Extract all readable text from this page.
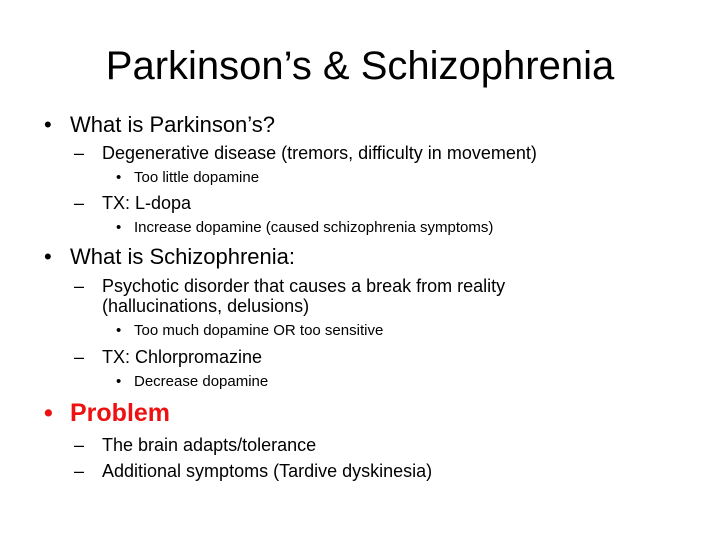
Parkinson’s & Schizophrenia
• What is Parkinson’s?
– Degenerative disease (tremors, difficulty in movement)
• Too little dopamine
– TX: L-dopa
• Increase dopamine (caused schizophrenia symptoms)
• What is Schizophrenia:
– Psychotic disorder that causes a break from reality
(hallucinations, delusions)
• Too much dopamine OR too sensitive
– TX: Chlorpromazine
• Decrease dopamine
• Problem
– The brain adapts/tolerance
– Additional symptoms (Tardive dyskinesia)
